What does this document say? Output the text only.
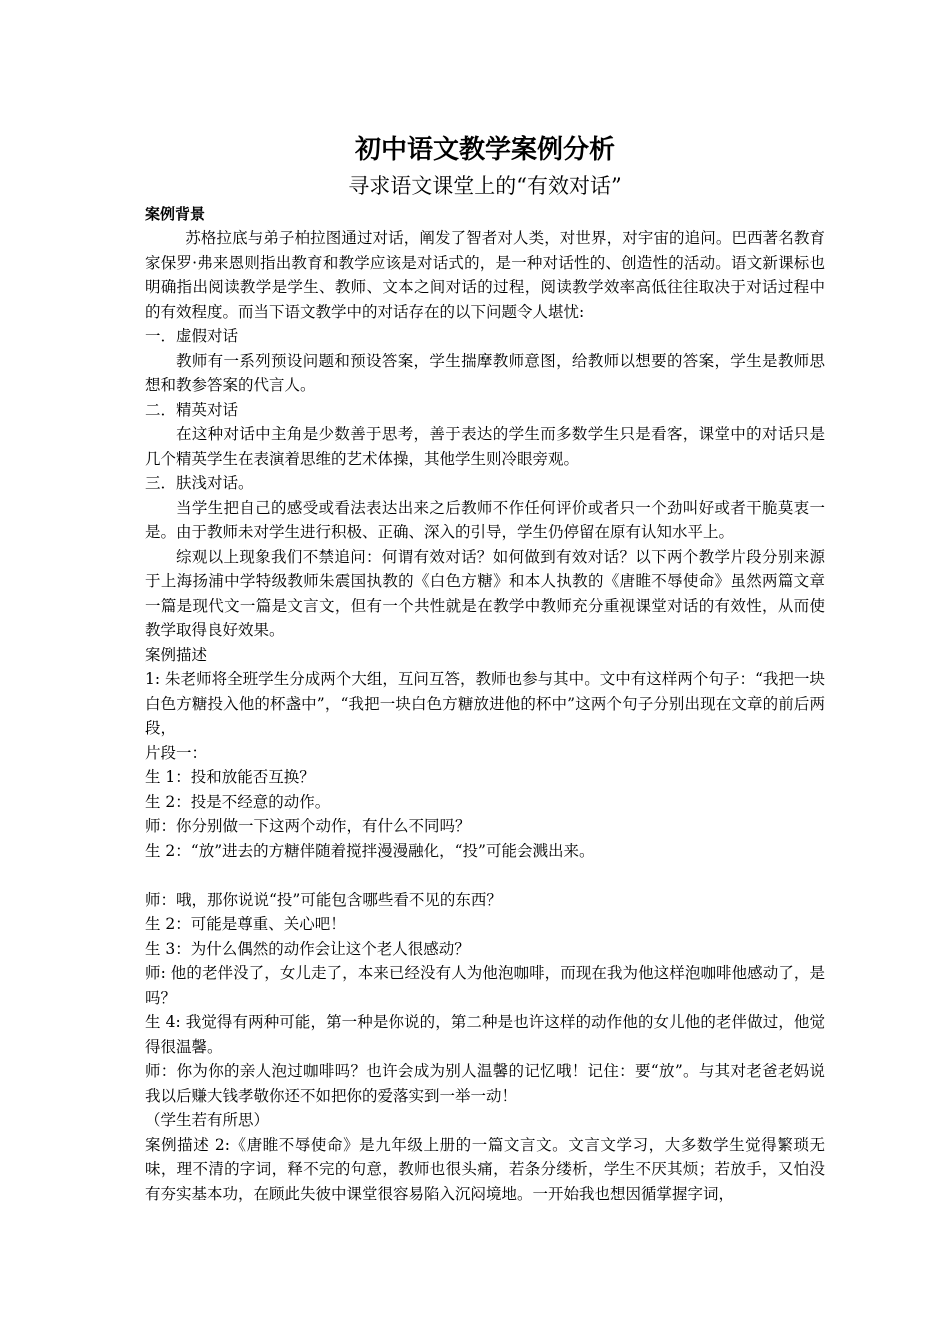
初中语文教学案例分析

寻求语文课堂上的“有效对话”

案例背景

苏格拉底与弟子柏拉图通过对话，阐发了智者对人类，对世界，对宇宙的追问。巴西著名教育家保罗·弗来恩则指出教育和教学应该是对话式的，是一种对话性的、创造性的活动。语文新课标也明确指出阅读教学是学生、教师、文本之间对话的过程，阅读教学效率高低往往取决于对话过程中的有效程度。而当下语文教学中的对话存在的以下问题令人堪忧:

一．虚假对话

教师有一系列预设问题和预设答案，学生揣摩教师意图，给教师以想要的答案，学生是教师思想和教参答案的代言人。

二．精英对话

在这种对话中主角是少数善于思考，善于表达的学生而多数学生只是看客，课堂中的对话只是几个精英学生在表演着思维的艺术体操，其他学生则冷眼旁观。

三．肤浅对话。

当学生把自己的感受或看法表达出来之后教师不作任何评价或者只一个劲叫好或者干脆莫衷一是。由于教师未对学生进行积极、正确、深入的引导，学生仍停留在原有认知水平上。

综观以上现象我们不禁追问：何谓有效对话？如何做到有效对话？以下两个教学片段分别来源于上海扬浦中学特级教师朱震国执教的《白色方糖》和本人执教的《唐睢不辱使命》虽然两篇文章一篇是现代文一篇是文言文，但有一个共性就是在教学中教师充分重视课堂对话的有效性，从而使教学取得良好效果。

案例描述

1: 朱老师将全班学生分成两个大组，互问互答，教师也参与其中。文中有这样两个句子：“我把一块白色方糖投入他的杯盏中”，“我把一块白色方糖放进他的杯中”这两个句子分别出现在文章的前后两段，

片段一：

生 1：投和放能否互换？

生 2：投是不经意的动作。

师：你分别做一下这两个动作，有什么不同吗？

生 2：“放”进去的方糖伴随着搅拌漫漫融化，“投”可能会溅出来。

师：哦，那你说说“投”可能包含哪些看不见的东西？

生 2：可能是尊重、关心吧！

生 3：为什么偶然的动作会让这个老人很感动？

师: 他的老伴没了，女儿走了，本来已经没有人为他泡咖啡，而现在我为他这样泡咖啡他感动了，是吗？

生 4: 我觉得有两种可能，第一种是你说的，第二种是也许这样的动作他的女儿他的老伴做过，他觉得很温馨。

师：你为你的亲人泡过咖啡吗？也许会成为别人温馨的记忆哦！记住：要“放”。与其对老爸老妈说我以后赚大钱孝敬你还不如把你的爱落实到一举一动！

（学生若有所思）

案例描述 2:《唐睢不辱使命》是九年级上册的一篇文言文。文言文学习，大多数学生觉得繁琐无味，理不清的字词，释不完的句意，教师也很头痛，若条分缕析，学生不厌其烦；若放手，又怕没有夯实基本功，在顾此失彼中课堂很容易陷入沉闷境地。一开始我也想因循掌握字词，
